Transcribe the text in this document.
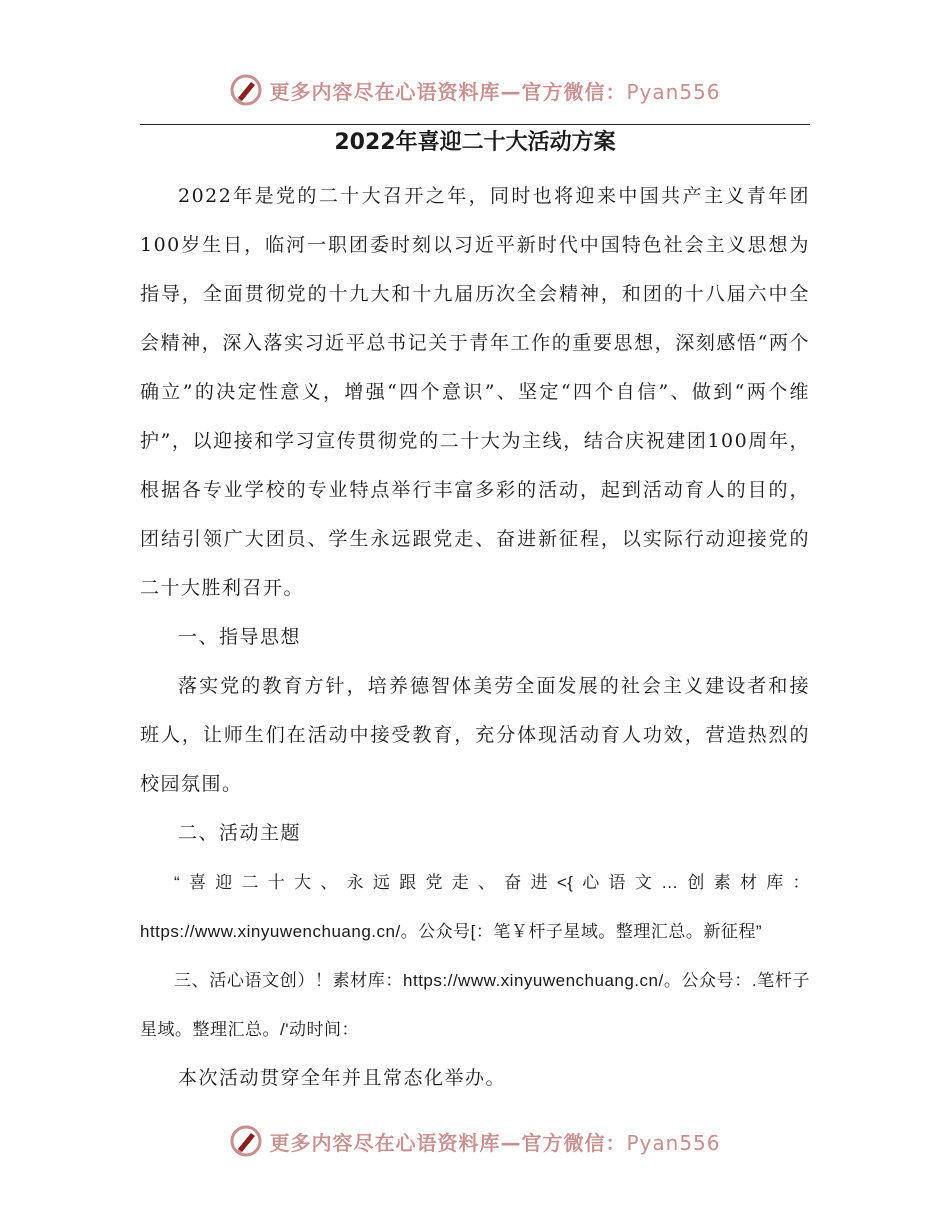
更多内容尽在心语资料库—官方微信：Pyan556
2022年喜迎二十大活动方案

2022年是党的二十大召开之年，同时也将迎来中国共产主义青年团100岁生日，临河一职团委时刻以习近平新时代中国特色社会主义思想为指导，全面贯彻党的十九大和十九届历次全会精神，和团的十八届六中全会精神，深入落实习近平总书记关于青年工作的重要思想，深刻感悟“两个确立”的决定性意义，增强“四个意识”、坚定“四个自信”、做到“两个维护”，以迎接和学习宣传贯彻党的二十大为主线，结合庆祝建团100周年，根据各专业学校的专业特点举行丰富多彩的活动，起到活动育人的目的，团结引领广大团员、学生永远跟党走、奋进新征程，以实际行动迎接党的二十大胜利召开。

一、指导思想

落实党的教育方针，培养德智体美劳全面发展的社会主义建设者和接班人，让师生们在活动中接受教育，充分体现活动育人功效，营造热烈的校园氛围。

二、活动主题

“喜迎二十大、永远跟党走、奋进<{心语文…创素材库：https://www.xinyuwenchuang.cn/。公众号[：笔￥杆子星域。整理汇总。新征程”

三、活心语文创）！素材库：https://www.xinyuwenchuang.cn/。公众号：.笔杆子星域。整理汇总。/'动时间：

本次活动贯穿全年并且常态化举办。

更多内容尽在心语资料库—官方微信：Pyan556
